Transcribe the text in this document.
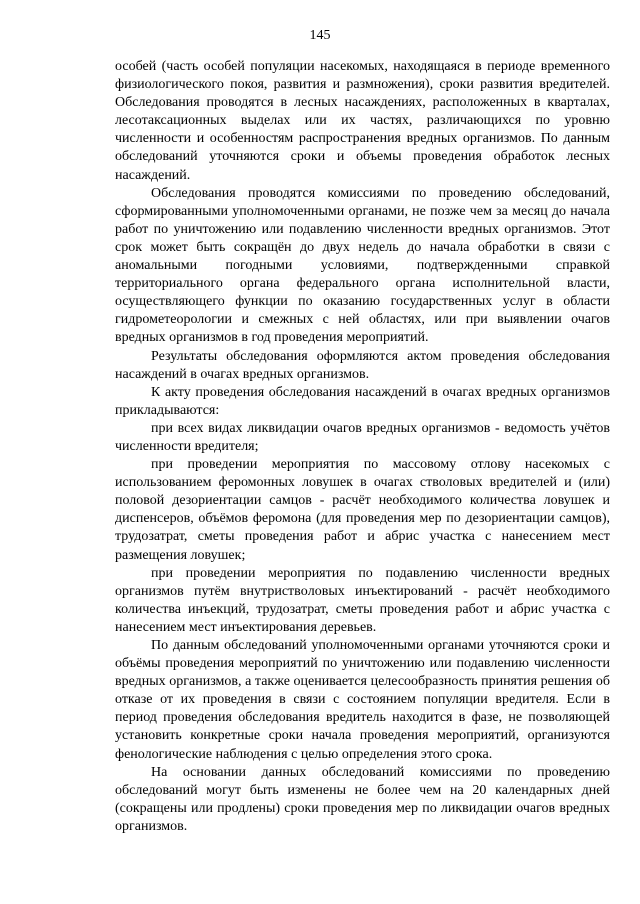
145

особей (часть особей популяции насекомых, находящаяся в периоде временного физиологического покоя, развития и размножения), сроки развития вредителей. Обследования проводятся в лесных насаждениях, расположенных в кварталах, лесотаксационных выделах или их частях, различающихся по уровню численности и особенностям распространения вредных организмов. По данным обследований уточняются сроки и объемы проведения обработок лесных насаждений.

Обследования проводятся комиссиями по проведению обследований, сформированными уполномоченными органами, не позже чем за месяц до начала работ по уничтожению или подавлению численности вредных организмов. Этот срок может быть сокращён до двух недель до начала обработки в связи с аномальными погодными условиями, подтвержденными справкой территориального органа федерального органа исполнительной власти, осуществляющего функции по оказанию государственных услуг в области гидрометеорологии и смежных с ней областях, или при выявлении очагов вредных организмов в год проведения мероприятий.

Результаты обследования оформляются актом проведения обследования насаждений в очагах вредных организмов.

К акту проведения обследования насаждений в очагах вредных организмов прикладываются:

при всех видах ликвидации очагов вредных организмов - ведомость учётов численности вредителя;

при проведении мероприятия по массовому отлову насекомых с использованием феромонных ловушек в очагах стволовых вредителей и (или) половой дезориентации самцов - расчёт необходимого количества ловушек и диспенсеров, объёмов феромона (для проведения мер по дезориентации самцов), трудозатрат, сметы проведения работ и абрис участка с нанесением мест размещения ловушек;

при проведении мероприятия по подавлению численности вредных организмов путём внутриствoловых инъектирований - расчёт необходимого количества инъекций, трудозатрат, сметы проведения работ и абрис участка с нанесением мест инъектирования деревьев.

По данным обследований уполномоченными органами уточняются сроки и объёмы проведения мероприятий по уничтожению или подавлению численности вредных организмов, а также оценивается целесообразность принятия решения об отказе от их проведения в связи с состоянием популяции вредителя. Если в период проведения обследования вредитель находится в фазе, не позволяющей установить конкретные сроки начала проведения мероприятий, организуются фенологические наблюдения с целью определения этого срока.

На основании данных обследований комиссиями по проведению обследований могут быть изменены не более чем на 20 календарных дней (сокращены или продлены) сроки проведения мер по ликвидации очагов вредных организмов.
